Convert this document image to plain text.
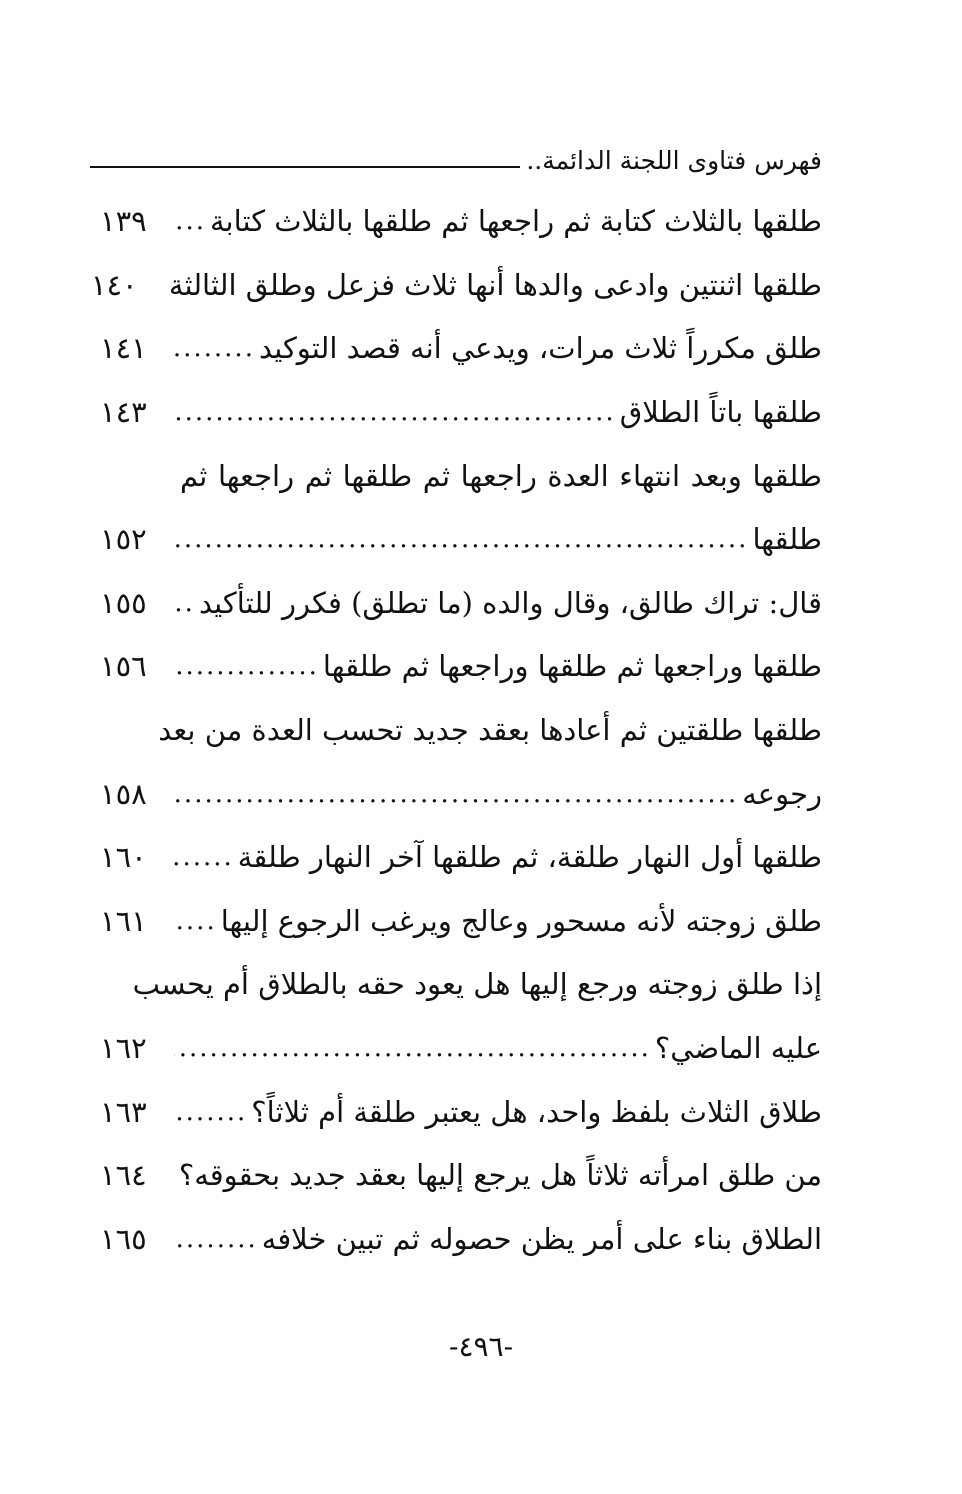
فهرس فتاوى اللجنة الدائمة..
طلقها بالثلاث كتابة ثم راجعها ثم طلقها بالثلاث كتابة
.....
١٣٩
طلقها اثنتين وادعى والدها أنها ثلاث فزعل وطلق الثالثة
١٤٠
طلق مكرراً ثلاث مرات، ويدعي أنه قصد التوكيد
.....
١٤١
طلقها باتاً الطلاق
.....
١٤٣
طلقها وبعد انتهاء العدة راجعها ثم طلقها ثم راجعها ثم
طلقها
.....
١٥٢
قال: تراك طالق، وقال والده (ما تطلق) فكرر للتأكيد
.....
١٥٥
طلقها وراجعها ثم طلقها وراجعها ثم طلقها
.....
١٥٦
طلقها طلقتين ثم أعادها بعقد جديد تحسب العدة من بعد
رجوعه
.....
١٥٨
طلقها أول النهار طلقة، ثم طلقها آخر النهار طلقة
.....
١٦٠
طلق زوجته لأنه مسحور وعالج ويرغب الرجوع إليها
.....
١٦١
إذا طلق زوجته ورجع إليها هل يعود حقه بالطلاق أم يحسب
عليه الماضي؟
.....
١٦٢
طلاق الثلاث بلفظ واحد، هل يعتبر طلقة أم ثلاثاً؟
.....
١٦٣
من طلق امرأته ثلاثاً هل يرجع إليها بعقد جديد بحقوقه؟
.....
١٦٤
الطلاق بناء على أمر يظن حصوله ثم تبين خلافه
.....
١٦٥
-٤٩٦-
